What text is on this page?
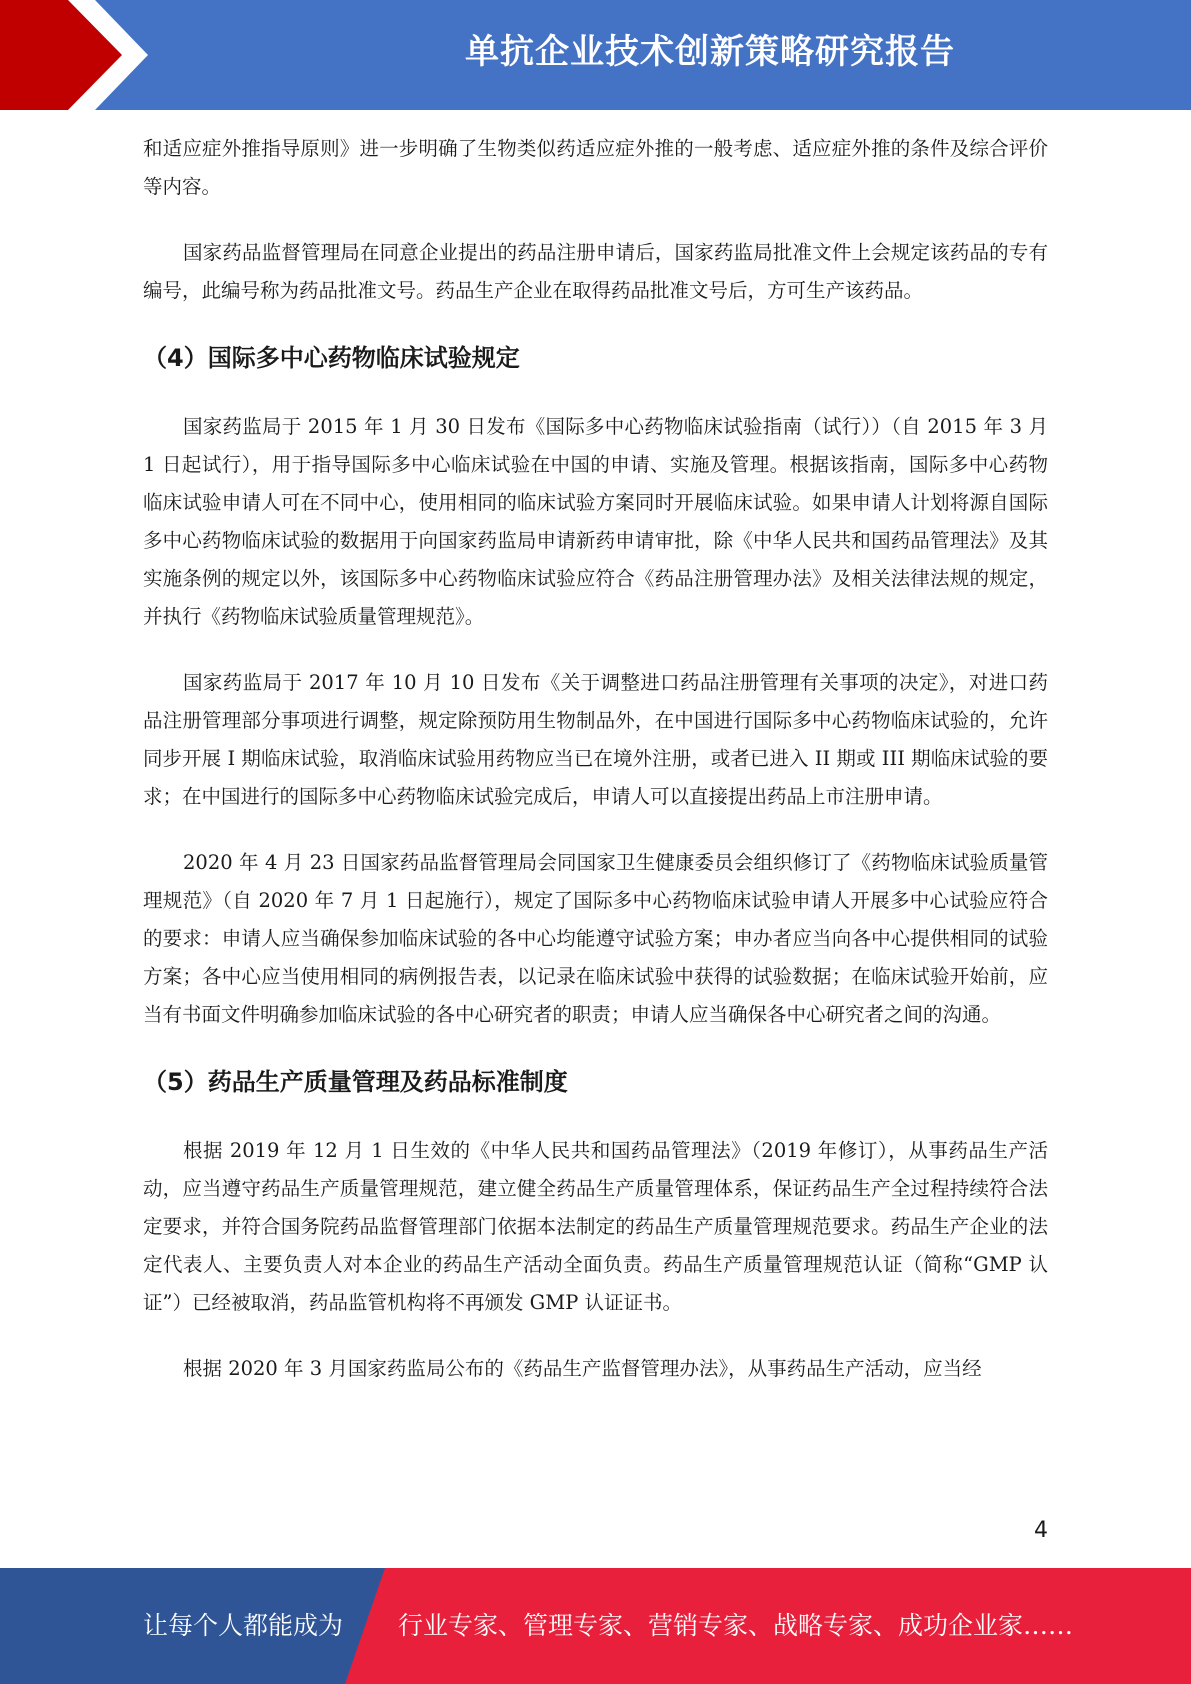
单抗企业技术创新策略研究报告

和适应症外推指导原则》进一步明确了生物类似药适应症外推的一般考虑、适应症外推的条件及综合评价等内容。

国家药品监督管理局在同意企业提出的药品注册申请后，国家药监局批准文件上会规定该药品的专有编号，此编号称为药品批准文号。药品生产企业在取得药品批准文号后，方可生产该药品。

（4）国际多中心药物临床试验规定

国家药监局于 2015 年 1 月 30 日发布《国际多中心药物临床试验指南（试行））（自 2015 年 3 月 1 日起试行），用于指导国际多中心临床试验在中国的申请、实施及管理。根据该指南，国际多中心药物临床试验申请人可在不同中心，使用相同的临床试验方案同时开展临床试验。如果申请人计划将源自国际多中心药物临床试验的数据用于向国家药监局申请新药申请审批，除《中华人民共和国药品管理法》及其实施条例的规定以外，该国际多中心药物临床试验应符合《药品注册管理办法》及相关法律法规的规定，并执行《药物临床试验质量管理规范》。

国家药监局于 2017 年 10 月 10 日发布《关于调整进口药品注册管理有关事项的决定》，对进口药品注册管理部分事项进行调整，规定除预防用生物制品外，在中国进行国际多中心药物临床试验的，允许同步开展 I 期临床试验，取消临床试验用药物应当已在境外注册，或者已进入 II 期或 III 期临床试验的要求；在中国进行的国际多中心药物临床试验完成后，申请人可以直接提出药品上市注册申请。

2020 年 4 月 23 日国家药品监督管理局会同国家卫生健康委员会组织修订了《药物临床试验质量管理规范》（自 2020 年 7 月 1 日起施行），规定了国际多中心药物临床试验申请人开展多中心试验应符合的要求：申请人应当确保参加临床试验的各中心均能遵守试验方案；申办者应当向各中心提供相同的试验方案；各中心应当使用相同的病例报告表，以记录在临床试验中获得的试验数据；在临床试验开始前，应当有书面文件明确参加临床试验的各中心研究者的职责；申请人应当确保各中心研究者之间的沟通。

（5）药品生产质量管理及药品标准制度

根据 2019 年 12 月 1 日生效的《中华人民共和国药品管理法》（2019 年修订），从事药品生产活动，应当遵守药品生产质量管理规范，建立健全药品生产质量管理体系，保证药品生产全过程持续符合法定要求，并符合国务院药品监督管理部门依据本法制定的药品生产质量管理规范要求。药品生产企业的法定代表人、主要负责人对本企业的药品生产活动全面负责。药品生产质量管理规范认证（简称“GMP 认证”）已经被取消，药品监管机构将不再颁发 GMP 认证证书。

根据 2020 年 3 月国家药监局公布的《药品生产监督管理办法》，从事药品生产活动，应当经

4
让每个人都能成为 行业专家、管理专家、营销专家、战略专家、成功企业家……
